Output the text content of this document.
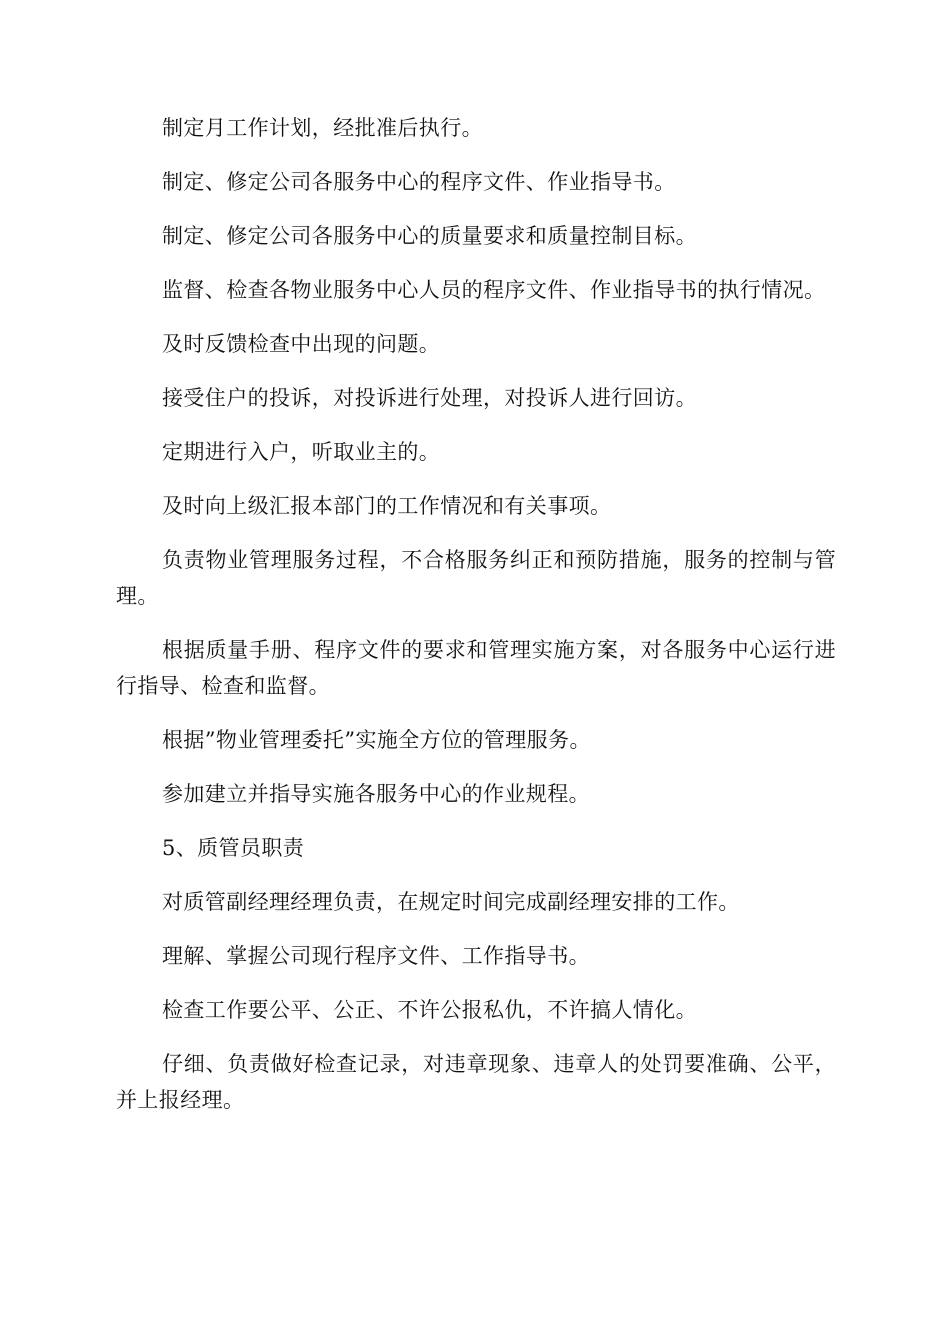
制定月工作计划，经批准后执行。

制定、修定公司各服务中心的程序文件、作业指导书。

制定、修定公司各服务中心的质量要求和质量控制目标。

监督、检查各物业服务中心人员的程序文件、作业指导书的执行情况。

及时反馈检查中出现的问题。

接受住户的投诉，对投诉进行处理，对投诉人进行回访。

定期进行入户，听取业主的。

及时向上级汇报本部门的工作情况和有关事项。

负责物业管理服务过程，不合格服务纠正和预防措施，服务的控制与管理。

根据质量手册、程序文件的要求和管理实施方案，对各服务中心运行进行指导、检查和监督。

根据”物业管理委托”实施全方位的管理服务。

参加建立并指导实施各服务中心的作业规程。

5、质管员职责

对质管副经理经理负责，在规定时间完成副经理安排的工作。

理解、掌握公司现行程序文件、工作指导书。

检查工作要公平、公正、不许公报私仇，不许搞人情化。

仔细、负责做好检查记录，对违章现象、违章人的处罚要准确、公平，并上报经理。
